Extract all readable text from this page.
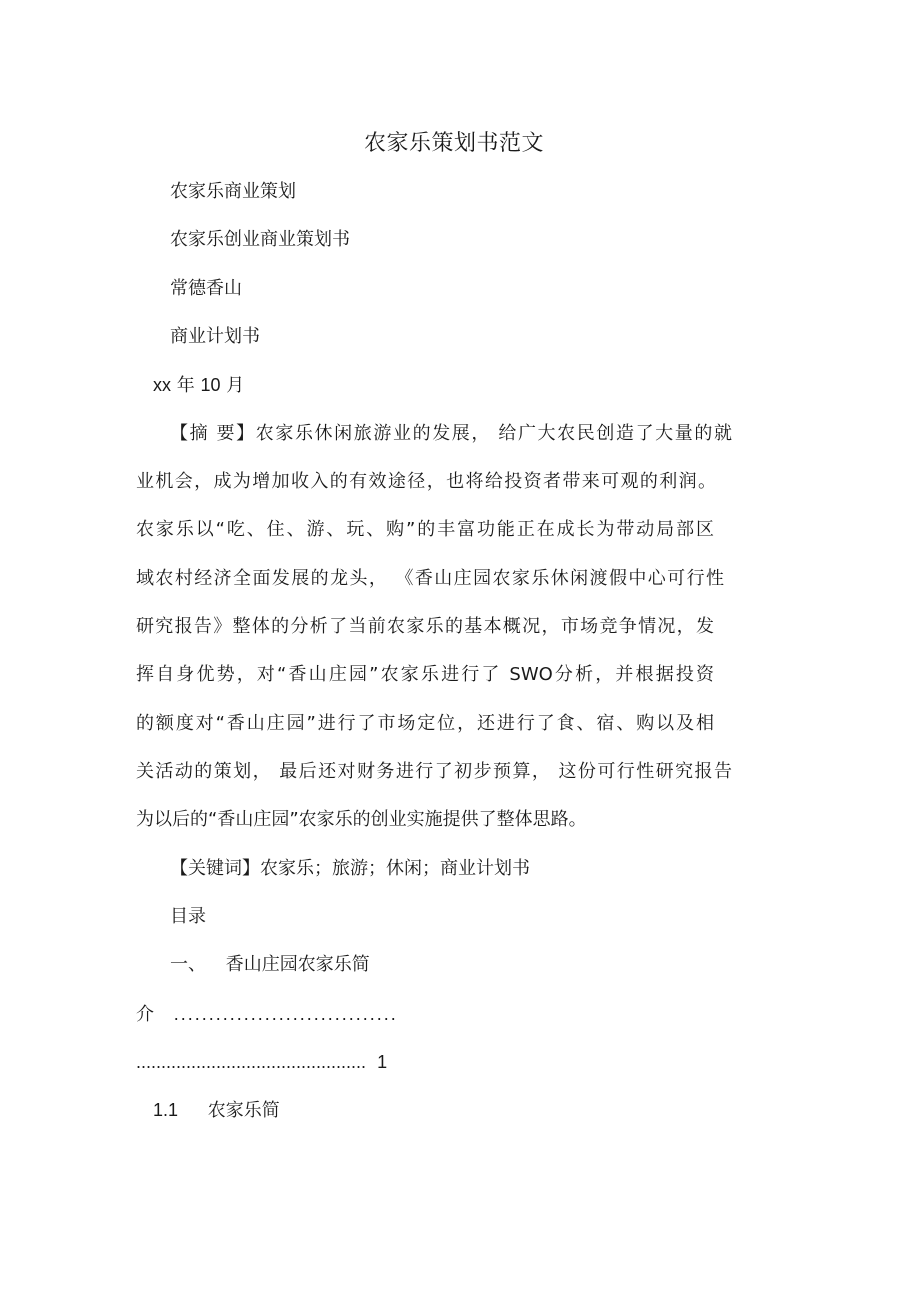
农家乐策划书范文
农家乐商业策划
农家乐创业商业策划书
常德香山
商业计划书
xx 年 10 月
【摘 要】农家乐休闲旅游业的发展， 给广大农民创造了大量的就
业机会，成为增加收入的有效途径，也将给投资者带来可观的利润。
农家乐以“吃、住、游、玩、购”的丰富功能正在成长为带动局部区
域农村经济全面发展的龙头， 《香山庄园农家乐休闲渡假中心可行性
研究报告》整体的分析了当前农家乐的基本概况，市场竞争情况，发
挥自身优势，对“香山庄园”农家乐进行了 SWO分析，并根据投资
的额度对“香山庄园”进行了市场定位，还进行了食、宿、购以及相
关活动的策划， 最后还对财务进行了初步预算， 这份可行性研究报告
为以后的“香山庄园”农家乐的创业实施提供了整体思路。
【关键词】农家乐；旅游；休闲；商业计划书
目录
一、 香山庄园农家乐简
介 ................................
.............................................. 1
1.1 农家乐简
